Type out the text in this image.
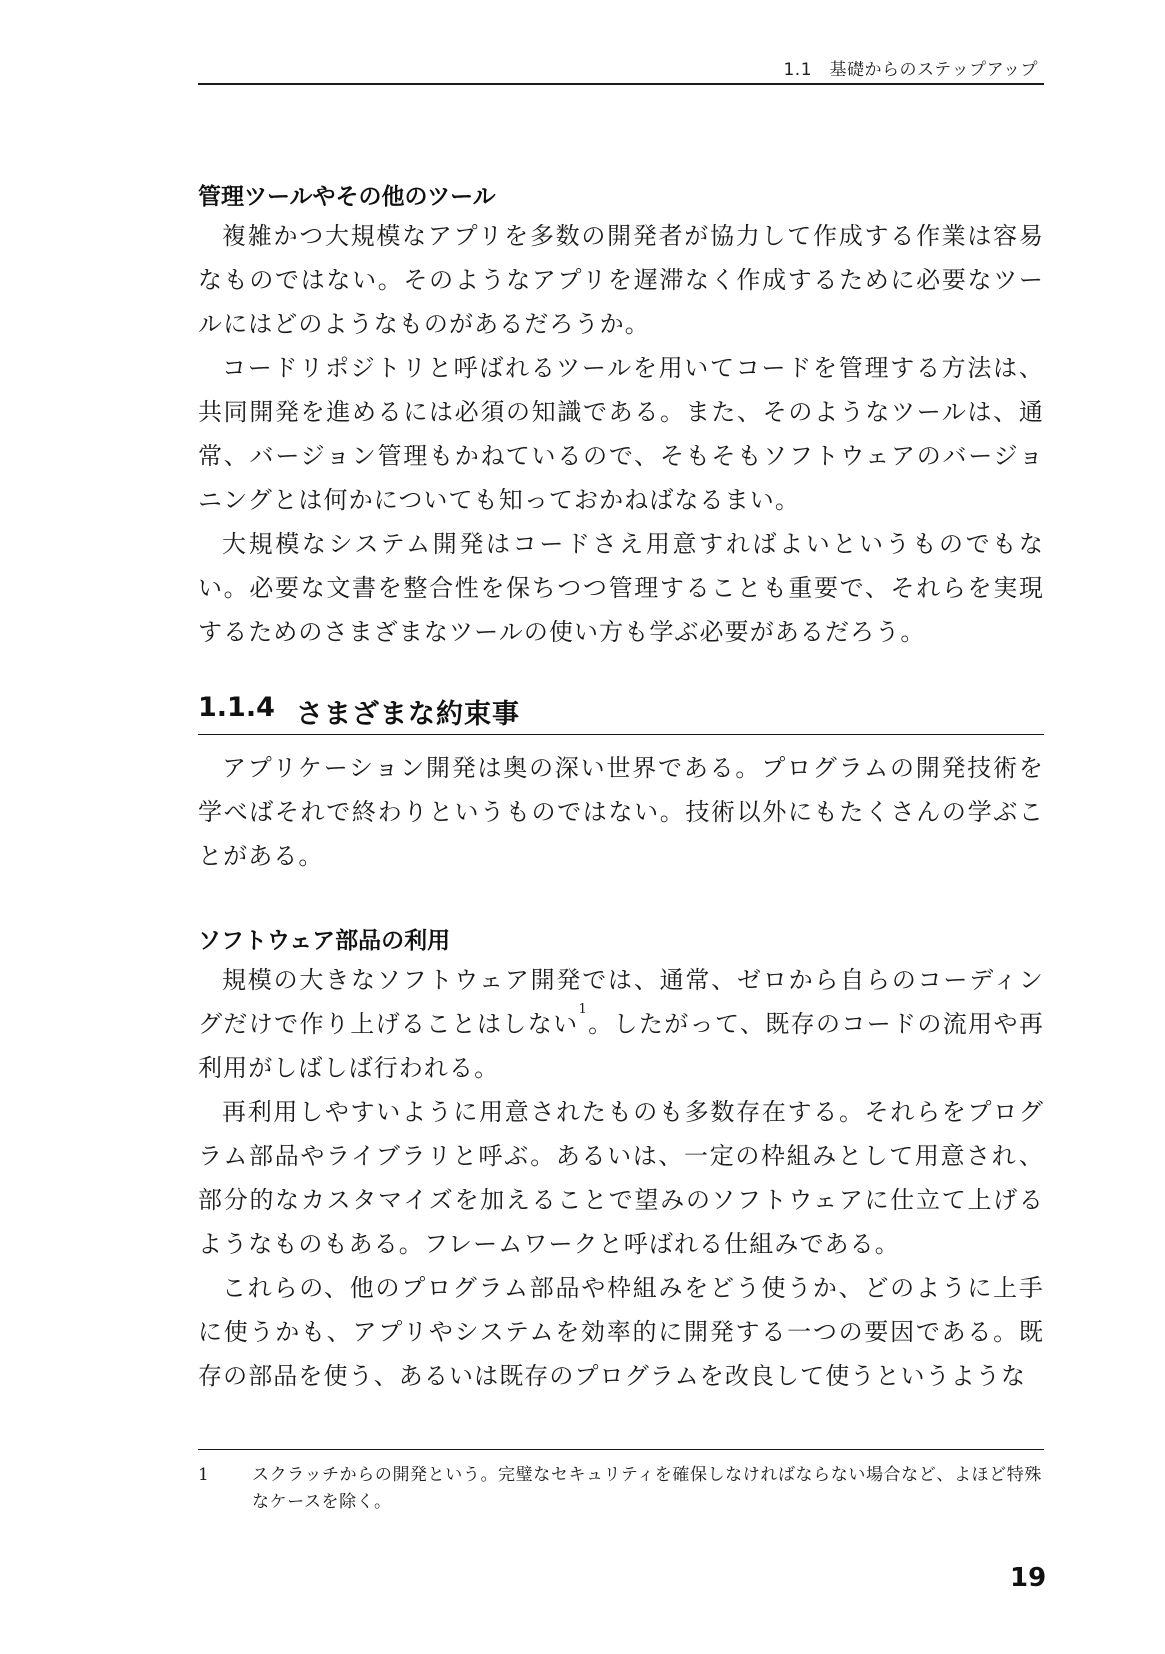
1.1　基礎からのステップアップ
管理ツールやその他のツール

複雑かつ大規模なアプリを多数の開発者が協力して作成する作業は容易なものではない。そのようなアプリを遅滞なく作成するために必要なツールにはどのようなものがあるだろうか。

コードリポジトリと呼ばれるツールを用いてコードを管理する方法は、共同開発を進めるには必須の知識である。また、そのようなツールは、通常、バージョン管理もかねているので、そもそもソフトウェアのバージョニングとは何かについても知っておかねばなるまい。

大規模なシステム開発はコードさえ用意すればよいというものでもない。必要な文書を整合性を保ちつつ管理することも重要で、それらを実現するためのさまざまなツールの使い方も学ぶ必要があるだろう。

1.1.4 さまざまな約束事

アプリケーション開発は奥の深い世界である。プログラムの開発技術を学べばそれで終わりというものではない。技術以外にもたくさんの学ぶことがある。

ソフトウェア部品の利用

規模の大きなソフトウェア開発では、通常、ゼロから自らのコーディングだけで作り上げることはしない$^1$。したがって、既存のコードの流用や再利用がしばしば行われる。

再利用しやすいように用意されたものも多数存在する。それらをプログラム部品やライブラリと呼ぶ。あるいは、一定の枠組みとして用意され、部分的なカスタマイズを加えることで望みのソフトウェアに仕立て上げるようなものもある。フレームワークと呼ばれる仕組みである。

これらの、他のプログラム部品や枠組みをどう使うか、どのように上手に使うかも、アプリやシステムを効率的に開発する一つの要因である。既存の部品を使う、あるいは既存のプログラムを改良して使うというような

1	スクラッチからの開発という。完璧なセキュリティを確保しなければならない場合など、よほど特殊なケースを除く。
19
